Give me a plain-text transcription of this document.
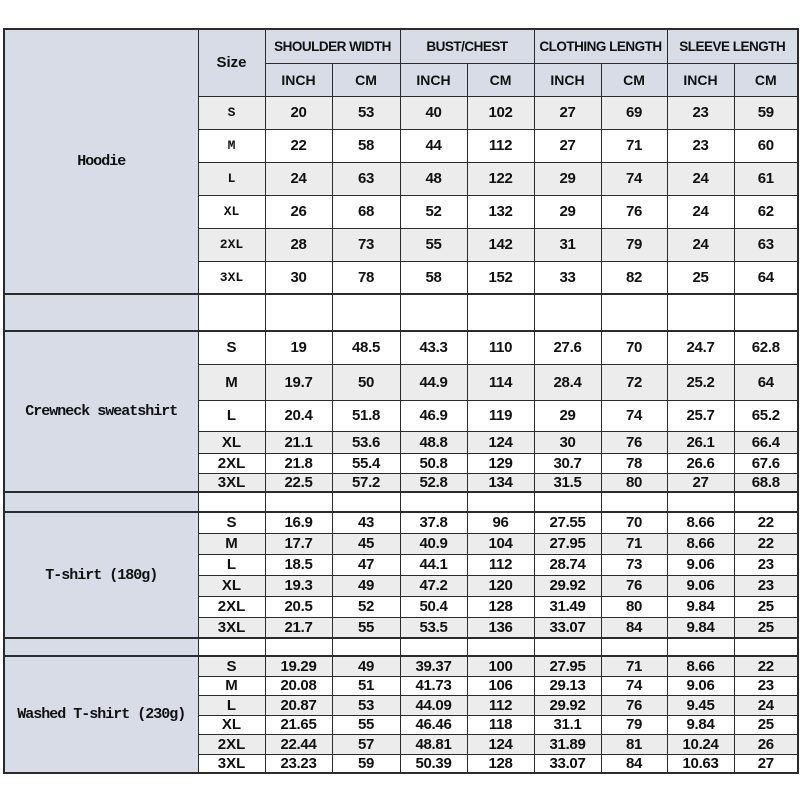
Hoodie	Size	SHOULDER WIDTH		BUST/CHEST		CLOTHING LENGTH		SLEEVE LENGTH	
		INCH	CM	INCH	CM	INCH	CM	INCH	CM
	S	20	53	40	102	27	69	23	59
	M	22	58	44	112	27	71	23	60
	L	24	63	48	122	29	74	24	61
	XL	26	68	52	132	29	76	24	62
	2XL	28	73	55	142	31	79	24	63
	3XL	30	78	58	152	33	82	25	64

Crewneck sweatshirt	S	19	48.5	43.3	110	27.6	70	24.7	62.8
	M	19.7	50	44.9	114	28.4	72	25.2	64
	L	20.4	51.8	46.9	119	29	74	25.7	65.2
	XL	21.1	53.6	48.8	124	30	76	26.1	66.4
	2XL	21.8	55.4	50.8	129	30.7	78	26.6	67.6
	3XL	22.5	57.2	52.8	134	31.5	80	27	68.8

T-shirt (180g)	S	16.9	43	37.8	96	27.55	70	8.66	22
	M	17.7	45	40.9	104	27.95	71	8.66	22
	L	18.5	47	44.1	112	28.74	73	9.06	23
	XL	19.3	49	47.2	120	29.92	76	9.06	23
	2XL	20.5	52	50.4	128	31.49	80	9.84	25
	3XL	21.7	55	53.5	136	33.07	84	9.84	25

Washed T-shirt (230g)	S	19.29	49	39.37	100	27.95	71	8.66	22
	M	20.08	51	41.73	106	29.13	74	9.06	23
	L	20.87	53	44.09	112	29.92	76	9.45	24
	XL	21.65	55	46.46	118	31.1	79	9.84	25
	2XL	22.44	57	48.81	124	31.89	81	10.24	26
	3XL	23.23	59	50.39	128	33.07	84	10.63	27
